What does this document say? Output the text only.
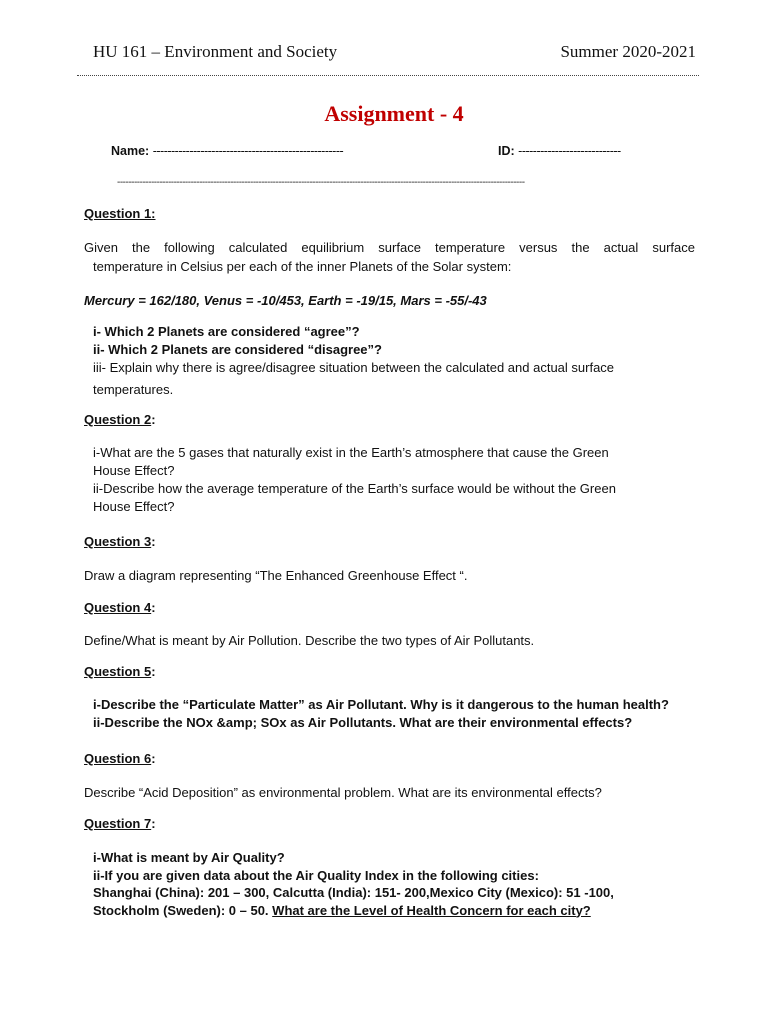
HU 161 – Environment and Society	Summer 2020-2021
Assignment - 4
Name: ----------------------------------------------------	ID: ----------------------------
------------------------------------------------------------------------------------------------------------------------------------------------
Question 1:
Given the following calculated equilibrium surface temperature versus the actual surface
temperature in Celsius per each of the inner Planets of the Solar system:
Mercury = 162/180, Venus = -10/453, Earth = -19/15, Mars = -55/-43
i- Which 2 Planets are considered “agree”?
ii- Which 2 Planets are considered “disagree”?
iii- Explain why there is agree/disagree situation between the calculated and actual surface
temperatures.
Question 2:
i-What are the 5 gases that naturally exist in the Earth’s atmosphere that cause the Green
House Effect?
ii-Describe how the average temperature of the Earth’s surface would be without the Green
House Effect?
Question 3:
Draw a diagram representing “The Enhanced Greenhouse Effect “.
Question 4:
Define/What is meant by Air Pollution. Describe the two types of Air Pollutants.
Question 5:
i-Describe the “Particulate Matter” as Air Pollutant. Why is it dangerous to the human health?
ii-Describe the NOx &amp; SOx as Air Pollutants. What are their environmental effects?
Question 6:
Describe “Acid Deposition” as environmental problem. What are its environmental effects?
Question 7:
i-What is meant by Air Quality?
ii-If you are given data about the Air Quality Index in the following cities:
Shanghai (China): 201 – 300, Calcutta (India): 151- 200,Mexico City (Mexico): 51 -100,
Stockholm (Sweden): 0 – 50. What are the Level of Health Concern for each city?
